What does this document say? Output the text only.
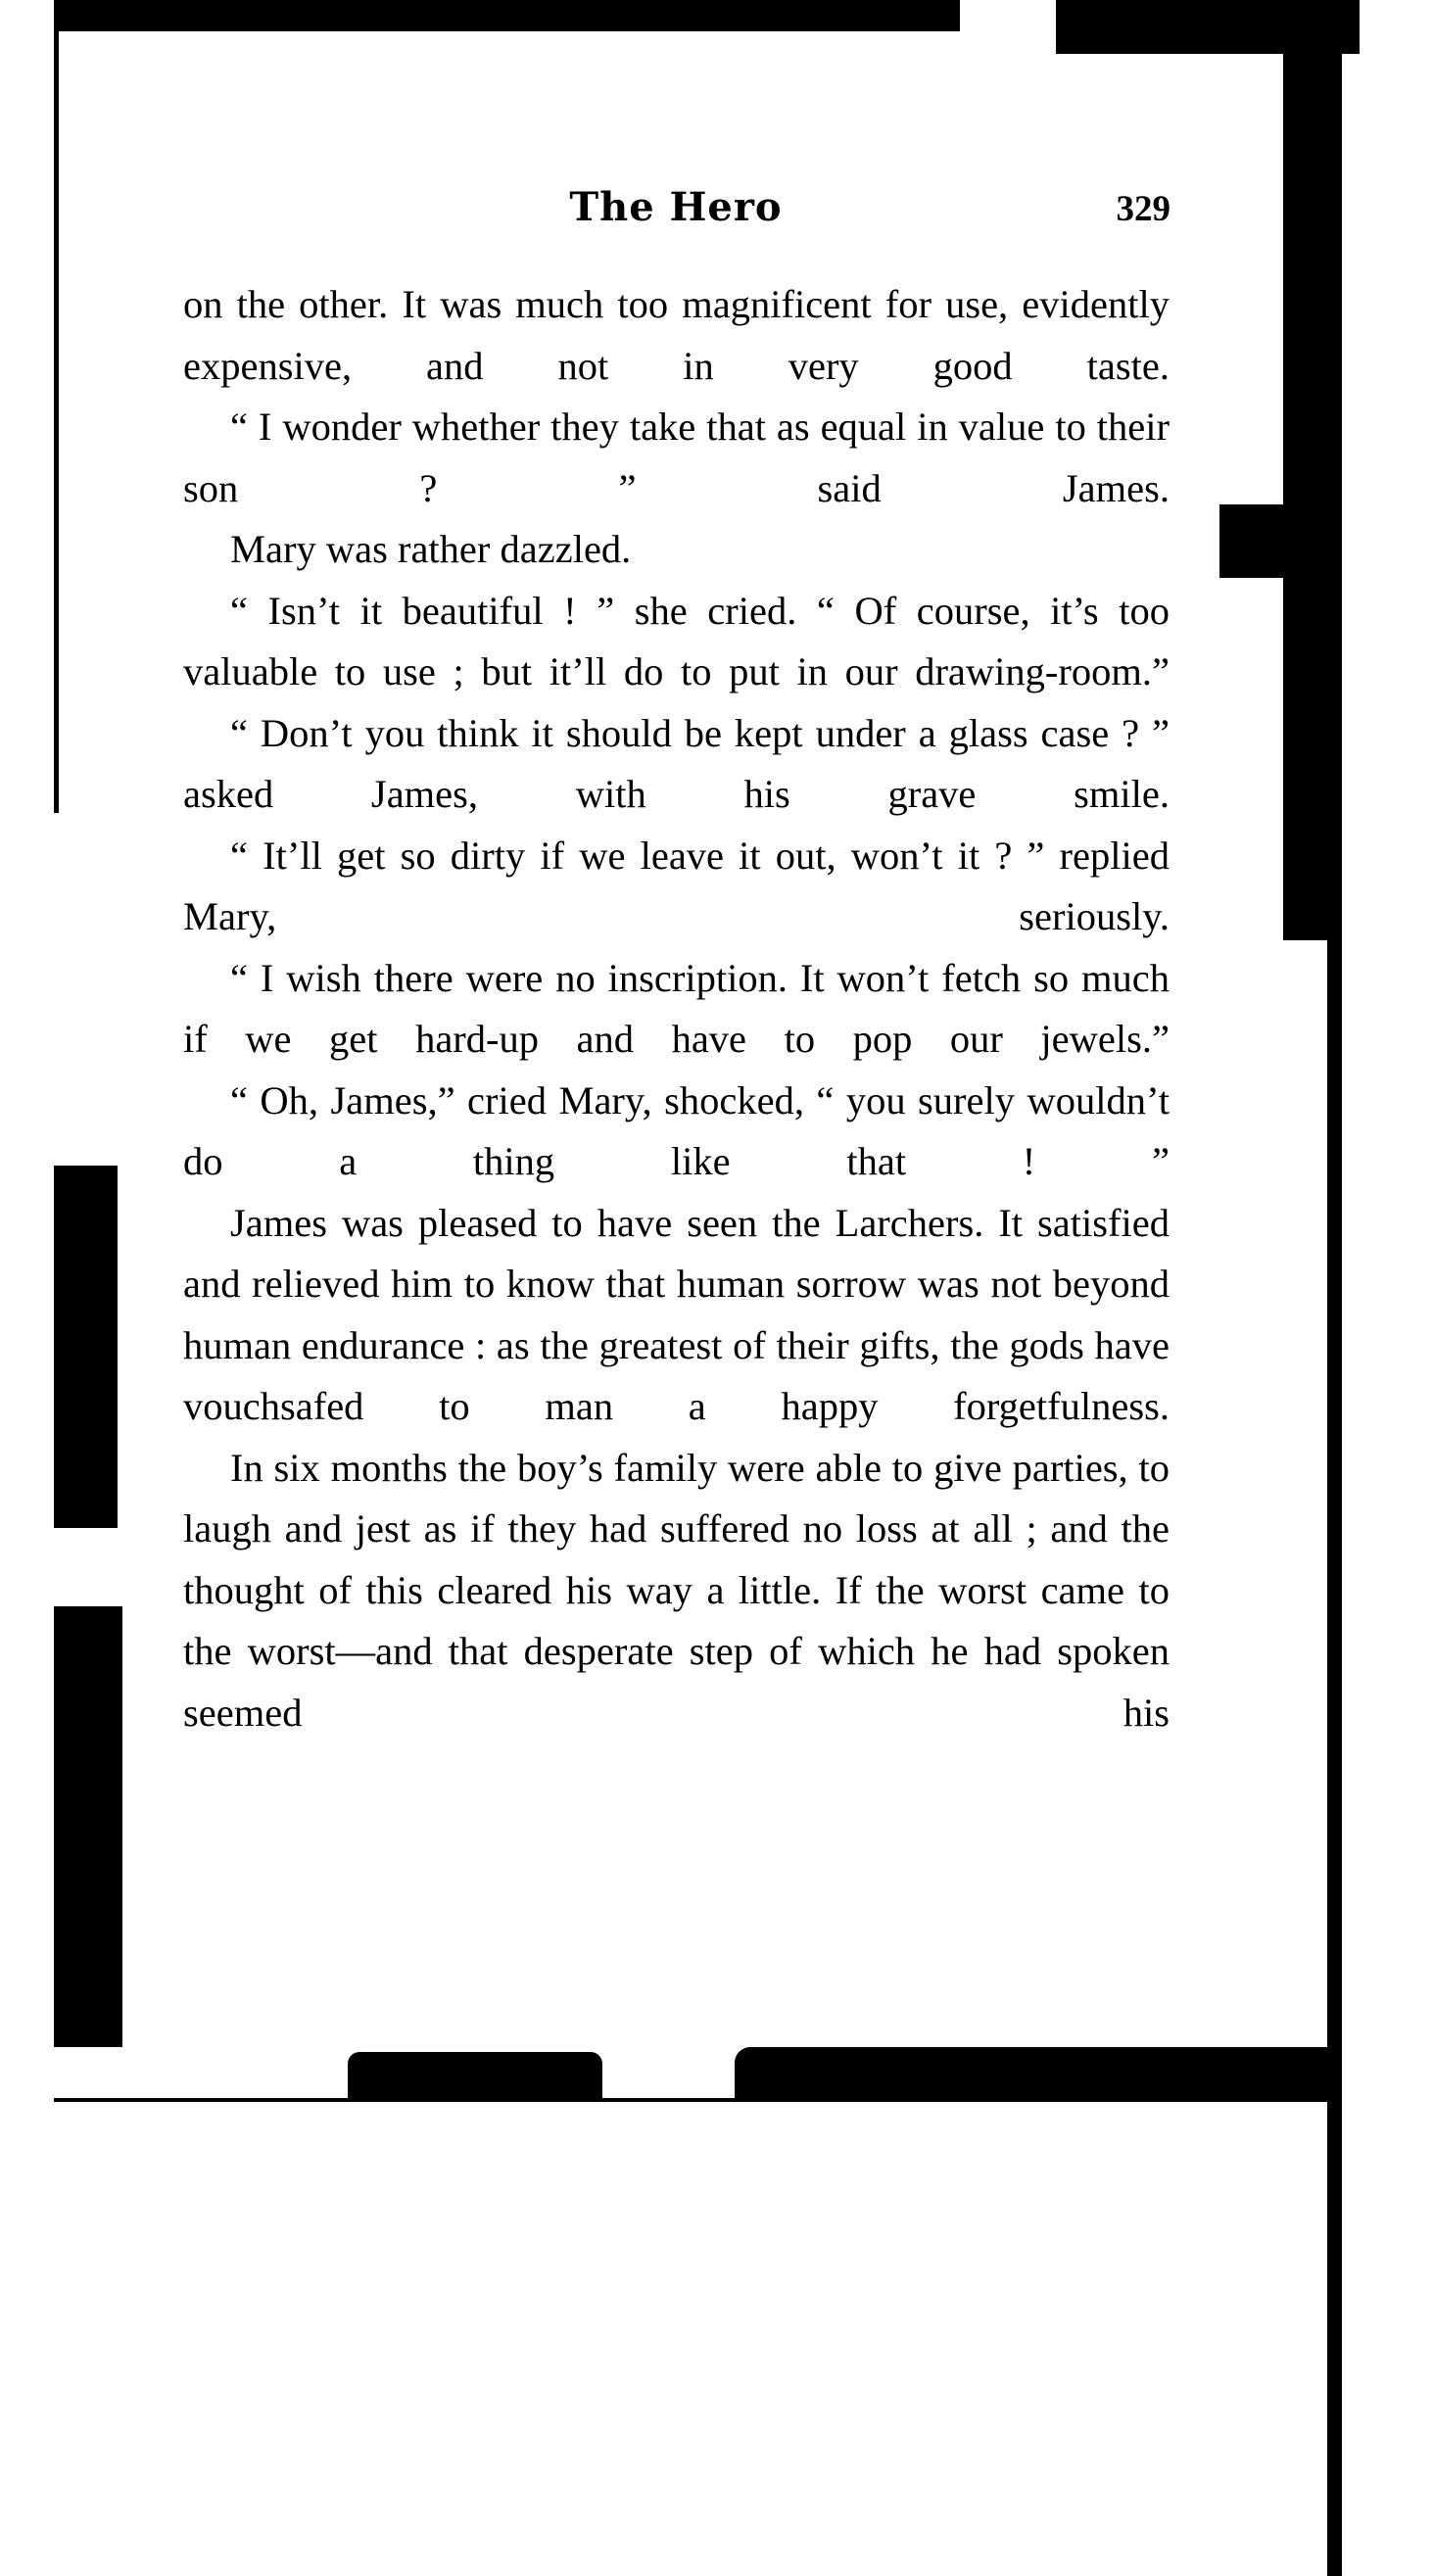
The Hero	329

on the other. It was much too magnificent for use, evidently expensive, and not in very good taste.

“ I wonder whether they take that as equal in value to their son ? ” said James.

Mary was rather dazzled.

“ Isn’t it beautiful ! ” she cried. “ Of course, it’s too valuable to use ; but it’ll do to put in our drawing-room.”

“ Don’t you think it should be kept under a glass case ? ” asked James, with his grave smile.

“ It’ll get so dirty if we leave it out, won’t it ? ” replied Mary, seriously.

“ I wish there were no inscription. It won’t fetch so much if we get hard-up and have to pop our jewels.”

“ Oh, James,” cried Mary, shocked, “ you surely wouldn’t do a thing like that ! ”

James was pleased to have seen the Larchers. It satisfied and relieved him to know that human sorrow was not beyond human endurance : as the greatest of their gifts, the gods have vouchsafed to man a happy forgetfulness.

In six months the boy’s family were able to give parties, to laugh and jest as if they had suffered no loss at all ; and the thought of this cleared his way a little. If the worst came to the worst—and that desperate step of which he had spoken seemed his
